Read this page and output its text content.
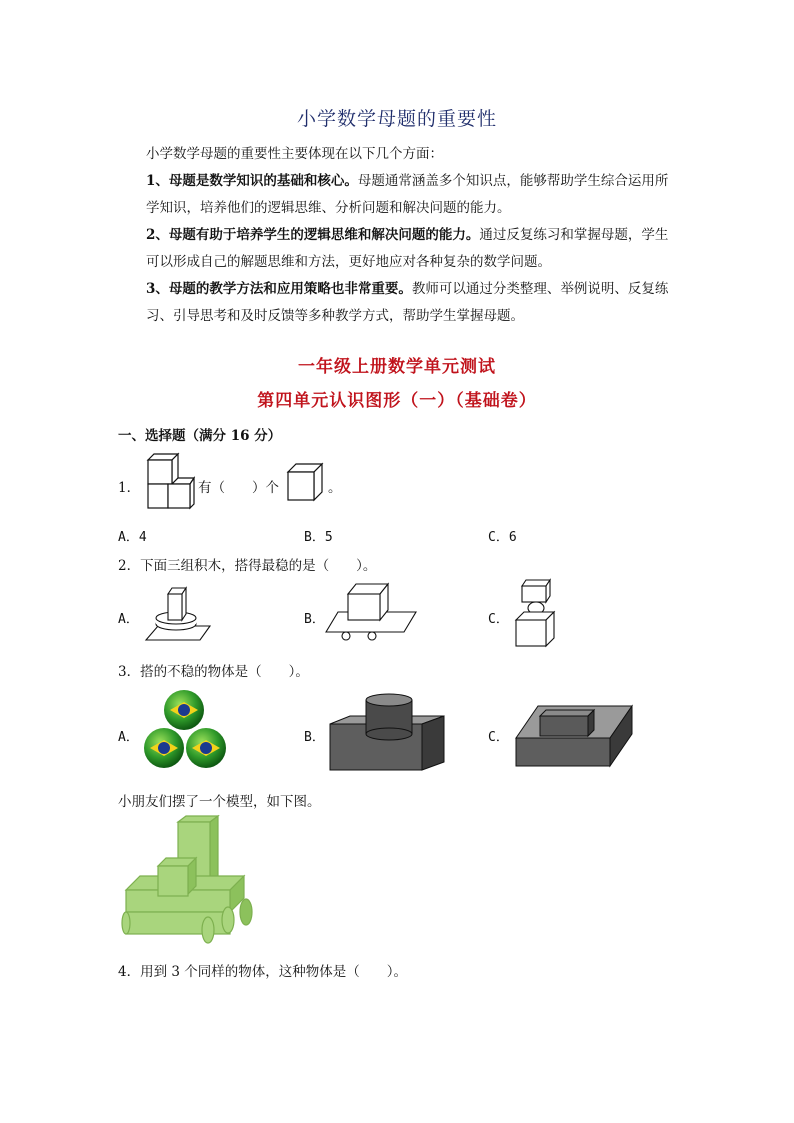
小学数学母题的重要性
小学数学母题的重要性主要体现在以下几个方面：
1、母题是数学知识的基础和核心。母题通常涵盖多个知识点，能够帮助学生综合运用所学知识，培养他们的逻辑思维、分析问题和解决问题的能力。
2、母题有助于培养学生的逻辑思维和解决问题的能力。通过反复练习和掌握母题，学生可以形成自己的解题思维和方法，更好地应对各种复杂的数学问题。
3、母题的教学方法和应用策略也非常重要。教师可以通过分类整理、举例说明、反复练习、引导思考和及时反馈等多种教学方式，帮助学生掌握母题。
一年级上册数学单元测试
第四单元认识图形（一）（基础卷）
一、选择题（满分 16 分）
1．	有（　　）个	。
A．4	B．5	C．6
2．下面三组积木，搭得最稳的是（　　）。
A．	B．	C．
3．搭的不稳的物体是（　　）。
A．	B．	C．
小朋友们摆了一个模型，如下图。
4．用到 3 个同样的物体，这种物体是（　　）。
